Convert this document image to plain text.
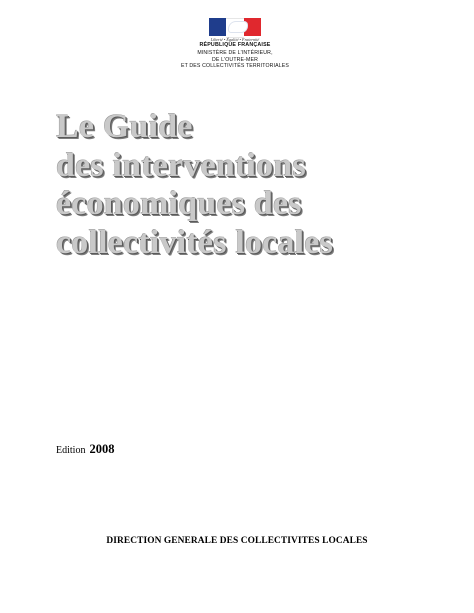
Liberté • Égalité • Fraternité
RÉPUBLIQUE FRANÇAISE
MINISTÈRE DE L'INTÉRIEUR,
DE L'OUTRE-MER
ET DES COLLECTIVITÉS TERRITORIALES
Le Guide
des interventions
économiques des
collectivités locales
Edition 2008
DIRECTION GENERALE DES COLLECTIVITES LOCALES
